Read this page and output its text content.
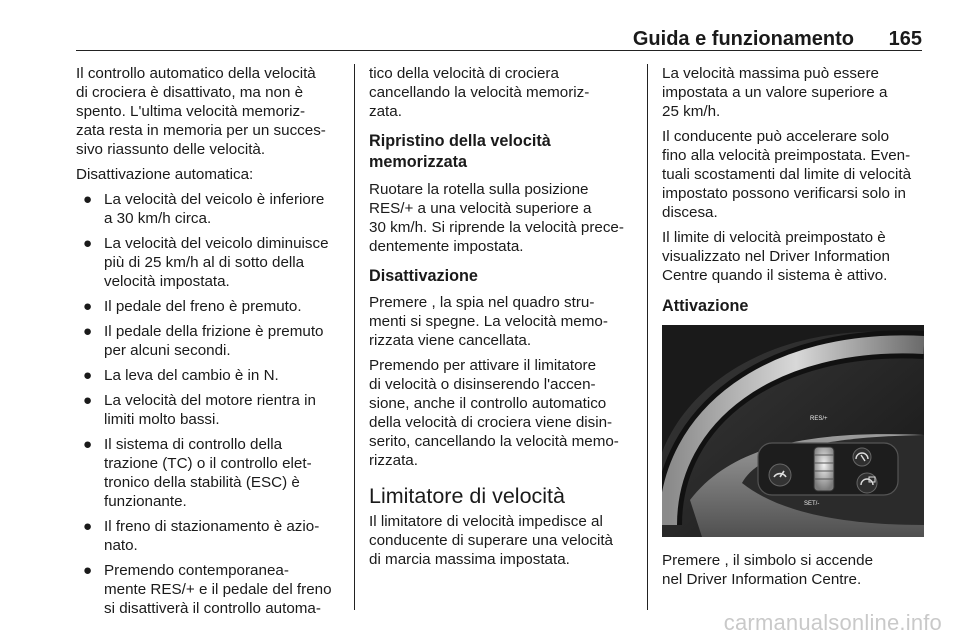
Guida e funzionamento 165
Il controllo automatico della velocità
di crociera è disattivato, ma non è
spento. L'ultima velocità memoriz-
zata resta in memoria per un succes-
sivo riassunto delle velocità.
Disattivazione automatica:
● La velocità del veicolo è inferiore
a 30 km/h circa.
● La velocità del veicolo diminuisce
più di 25 km/h al di sotto della
velocità impostata.
● Il pedale del freno è premuto.
● Il pedale della frizione è premuto
per alcuni secondi.
● La leva del cambio è in N.
● La velocità del motore rientra in
limiti molto bassi.
● Il sistema di controllo della
trazione (TC) o il controllo elet-
tronico della stabilità (ESC) è
funzionante.
● Il freno di stazionamento è azio-
nato.
● Premendo contemporanea-
mente RES/+ e il pedale del freno
si disattiverà il controllo automa-
tico della velocità di crociera
cancellando la velocità memoriz-
zata.
Ripristino della velocità
memorizzata
Ruotare la rotella sulla posizione
RES/+ a una velocità superiore a
30 km/h. Si riprende la velocità prece-
dentemente impostata.
Disattivazione
Premere , la spia nel quadro stru-
menti si spegne. La velocità memo-
rizzata viene cancellata.
Premendo per attivare il limitatore
di velocità o disinserendo l'accen-
sione, anche il controllo automatico
della velocità di crociera viene disin-
serito, cancellando la velocità memo-
rizzata.
Limitatore di velocità
Il limitatore di velocità impedisce al
conducente di superare una velocità
di marcia massima impostata.
La velocità massima può essere
impostata a un valore superiore a
25 km/h.
Il conducente può accelerare solo
fino alla velocità preimpostata. Even-
tuali scostamenti dal limite di velocità
impostato possono verificarsi solo in
discesa.
Il limite di velocità preimpostato è
visualizzato nel Driver Information
Centre quando il sistema è attivo.
Attivazione
RES/+
SET/-
Premere , il simbolo si accende
nel Driver Information Centre.
carmanualsonline.info
